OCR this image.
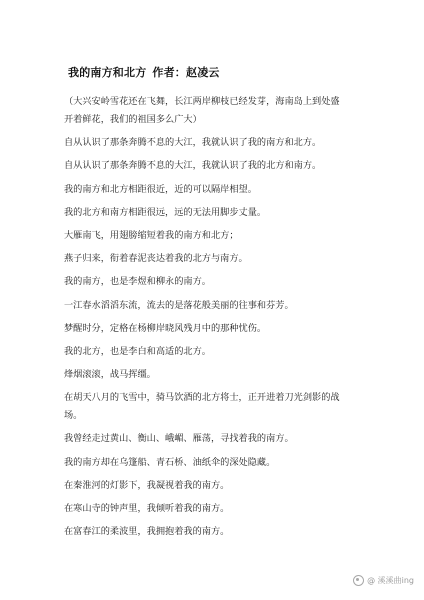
我的南方和北方 作者：赵凌云
（大兴安岭雪花还在飞舞，长江两岸柳枝已经发芽，海南岛上到处盛
开着鲜花，我们的祖国多么广大）
自从认识了那条奔腾不息的大江，我就认识了我的南方和北方。
自从认识了那条奔腾不息的大江，我就认识了我的北方和南方。
我的南方和北方相距很近，近的可以隔岸相望。
我的北方和南方相距很远，远的无法用脚步丈量。
大雁南飞，用翅膀缩短着我的南方和北方；
燕子归来，衔着春泥丧达着我的北方与南方。
我的南方，也是李煜和柳永的南方。
一江春水滔滔东流，流去的是落花般美丽的往事和芬芳。
梦醒时分，定格在杨柳岸晓风残月中的那种忧伤。
我的北方，也是李白和高适的北方。
烽烟滚滚，战马挥缰。
在胡天八月的飞雪中，骑马饮酒的北方将士，正开进着刀光剑影的战
场。
我曾经走过黄山、衡山、峨嵋、雁荡，寻找着我的南方。
我的南方却在乌篷船、青石桥、油纸伞的深处隐藏。
在秦淮河的灯影下，我凝视着我的南方。
在寒山寺的钟声里，我倾听着我的南方。
在富春江的柔波里，我拥抱着我的南方。
@ 溪溪曲ing
